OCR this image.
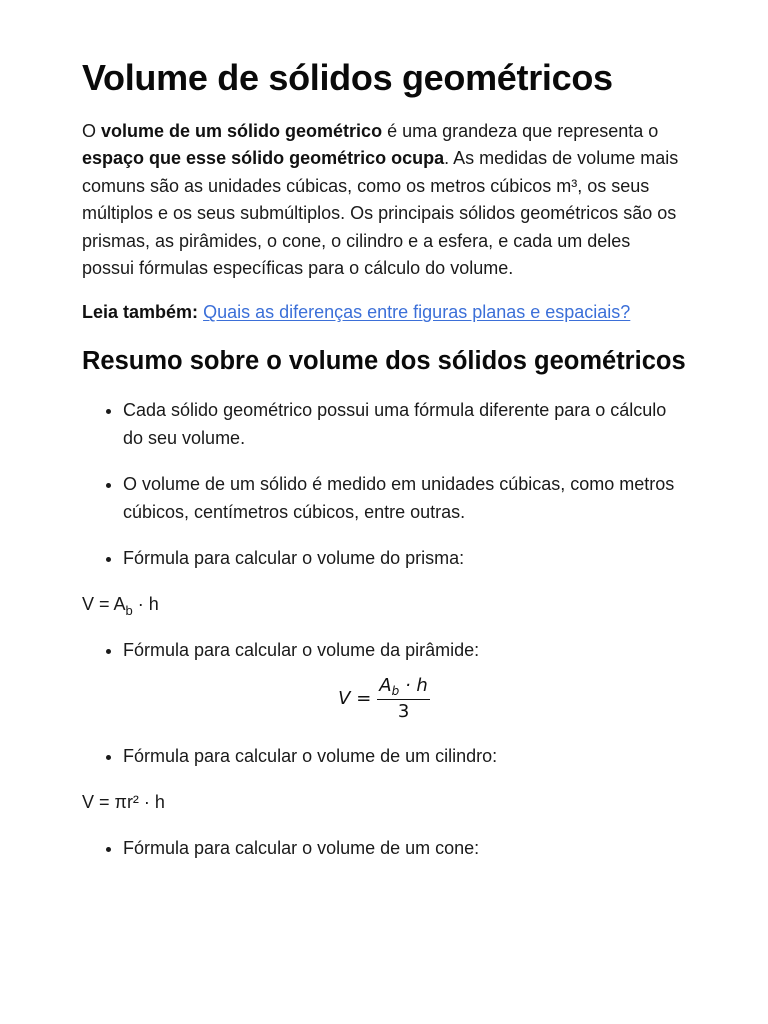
Volume de sólidos geométricos

O volume de um sólido geométrico é uma grandeza que representa o espaço que esse sólido geométrico ocupa. As medidas de volume mais comuns são as unidades cúbicas, como os metros cúbicos m³, os seus múltiplos e os seus submúltiplos. Os principais sólidos geométricos são os prismas, as pirâmides, o cone, o cilindro e a esfera, e cada um deles possui fórmulas específicas para o cálculo do volume.

Leia também: Quais as diferenças entre figuras planas e espaciais?

Resumo sobre o volume dos sólidos geométricos
• Cada sólido geométrico possui uma fórmula diferente para o cálculo do seu volume.
• O volume de um sólido é medido em unidades cúbicas, como metros cúbicos, centímetros cúbicos, entre outras.
• Fórmula para calcular o volume do prisma:
$V = A_b \cdot h$
• Fórmula para calcular o volume da pirâmide:
$V = \frac{A_b \cdot h}{3}$
• Fórmula para calcular o volume de um cilindro:
V = πr² · h
• Fórmula para calcular o volume de um cone:
